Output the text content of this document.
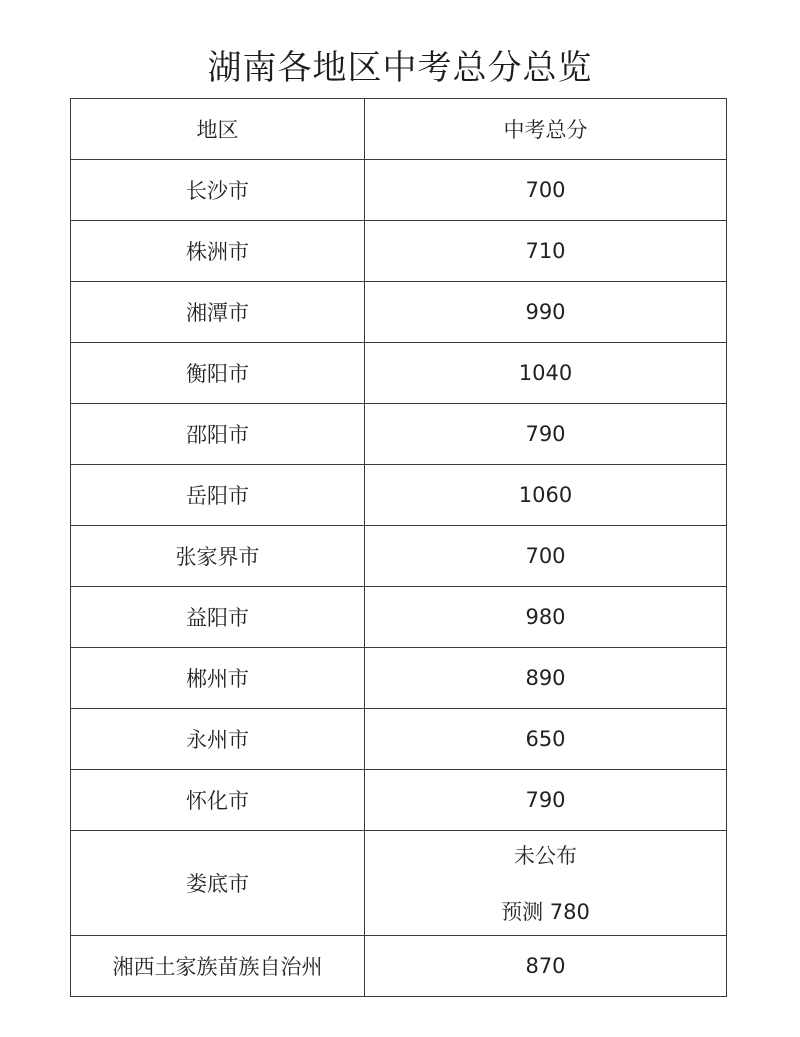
湖南各地区中考总分总览
地区	中考总分
长沙市	700
株洲市	710
湘潭市	990
衡阳市	1040
邵阳市	790
岳阳市	1060
张家界市	700
益阳市	980
郴州市	890
永州市	650
怀化市	790
娄底市	未公布
预测 780

湘西土家族苗族自治州	870
